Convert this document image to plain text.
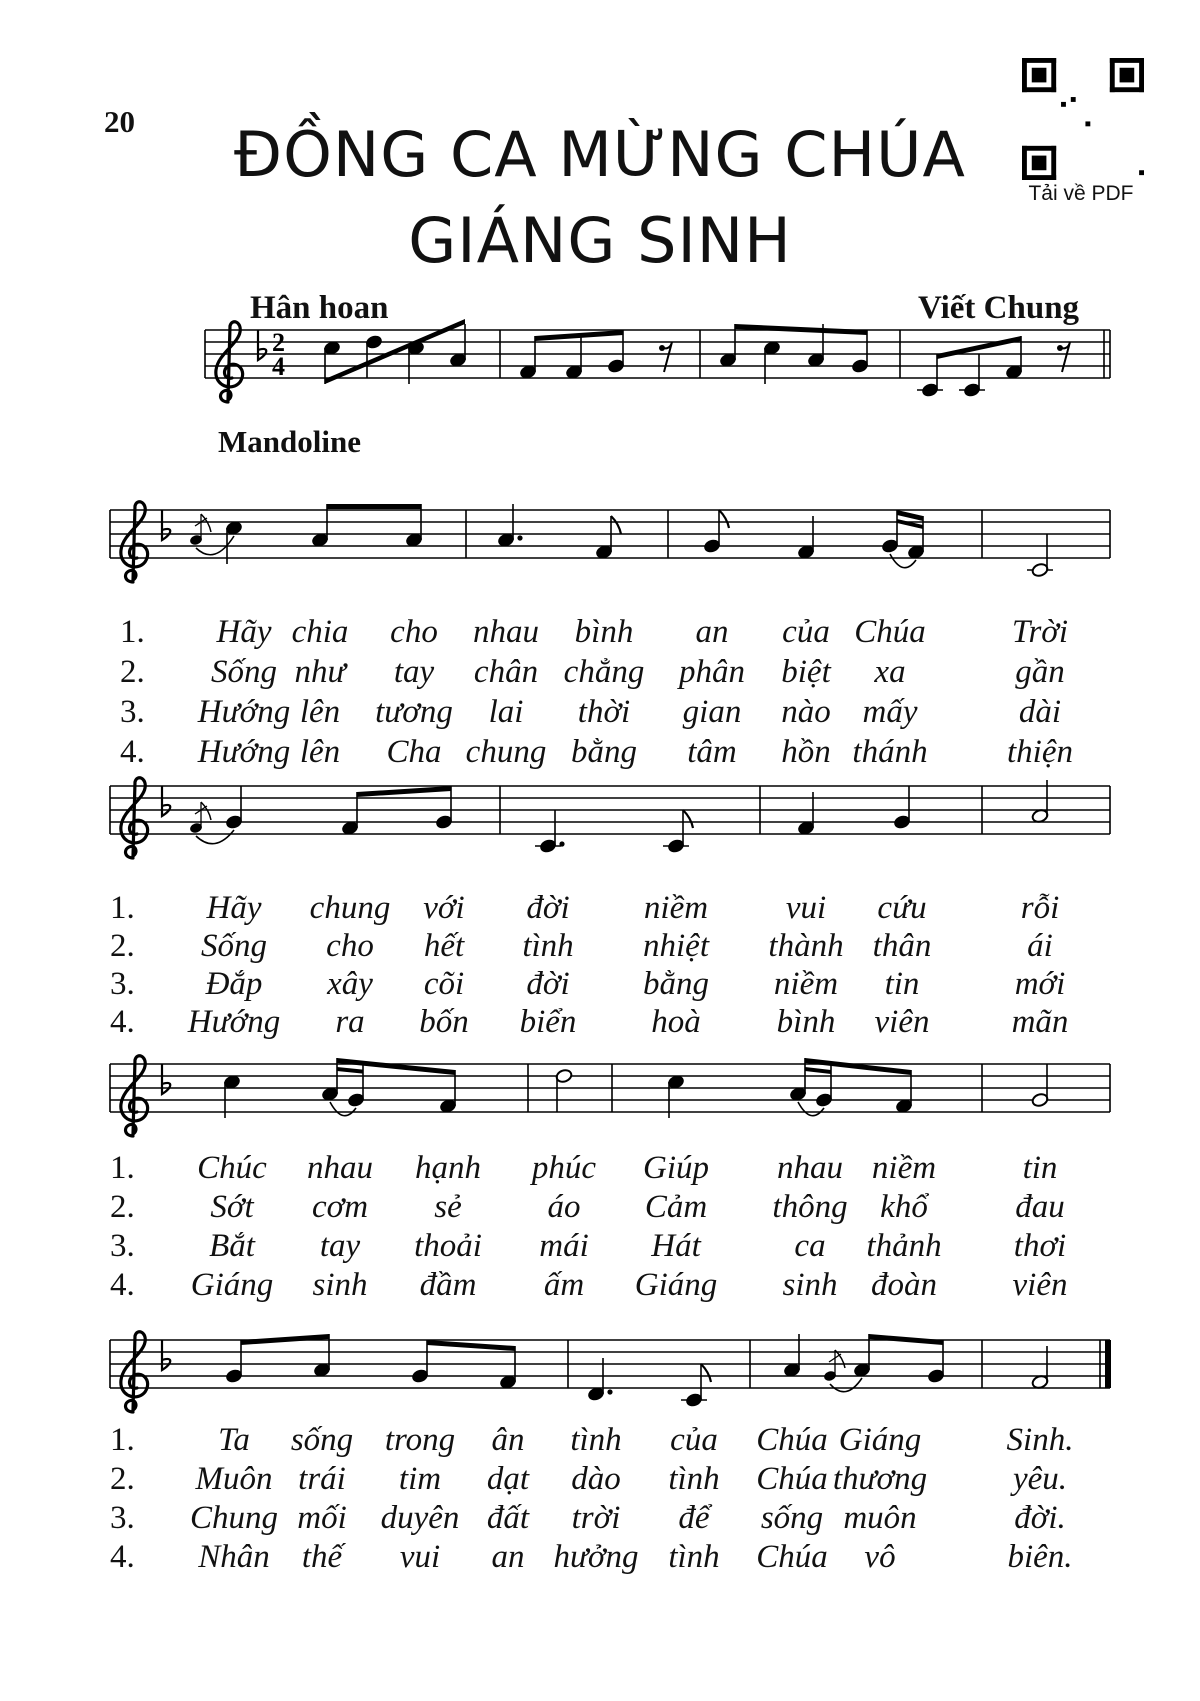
20	ĐỒNG CA MỪNG CHÚA
GIÁNG SINH
Tải về PDF
Hân hoan	Viết Chung
Mandoline
2
4
1. Hãy chia cho nhau bình an của Chúa	Trời
2. Sống như tay chân chẳng phân biệt xa	gần
3. Hướng lên tương lai thời gian nào mấy	dài
4. Hướng lên Cha chung bằng tâm hồn thánh thiện
1. Hãy chung với đời niềm vui cứu	rỗi
2. Sống cho hết tình nhiệt thành thân	ái
3. Đắp xây cõi đời bằng niềm tin	mới
4. Hướng ra bốn biển hoà bình viên mãn
1. Chúc nhau hạnh phúc Giúp nhau niềm	tin
2. Sớt cơm sẻ	áo Cảm thông khổ	đau
3. Bắt tay thoải mái Hát	ca thảnh thơi
4. Giáng sinh đầm ấm Giáng sinh đoàn viên
1.	Ta sống trong ân tình của Chúa Giáng	Sinh.
2. Muôn trái tim dạt dào tình Chúa thương	yêu.
3. Chung mối duyên đất trời để sống muôn	đời.
4. Nhân thế vui an hưởng tình Chúa vô	biên.
